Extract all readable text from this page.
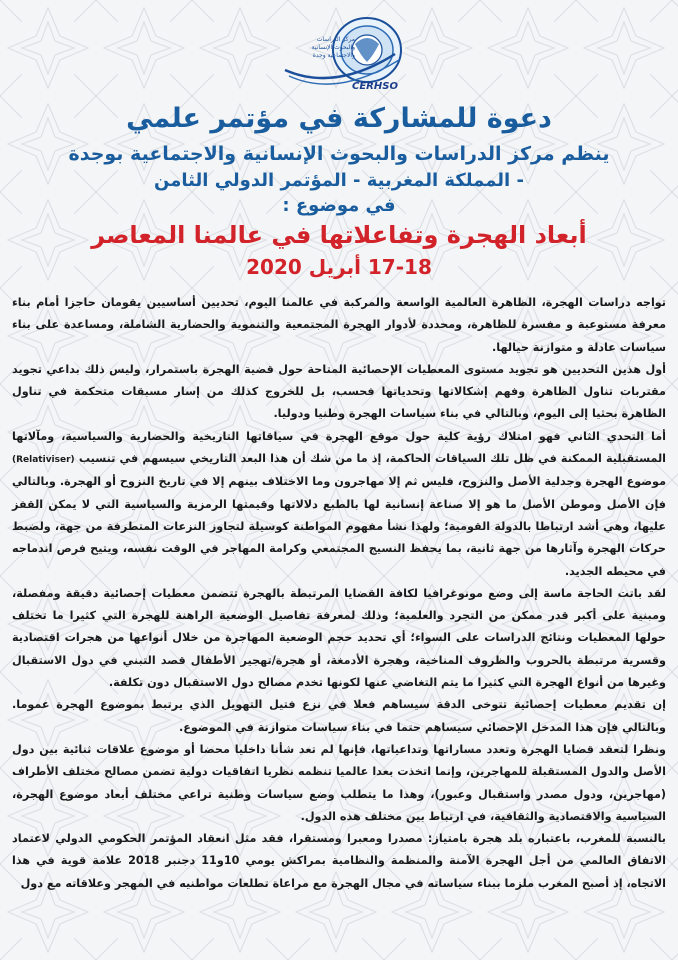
مركز الدراسات
والبحوث الإنسانية
والاجتماعية وجدة
CERHSO
دعوة للمشاركة في مؤتمر علمي
ينظم مركز الدراسات والبحوث الإنسانية والاجتماعية بوجدة
- المملكة المغربية - المؤتمر الدولي الثامن
في موضوع :
أبعاد الهجرة وتفاعلاتها في عالمنا المعاصر
17-18 أبريل 2020

تواجه دراسات الهجرة، الظاهرة العالمية الواسعة والمركبة في عالمنا اليوم، تحديين أساسيين يقومان حاجزا أمام بناء معرفة مستوعبة و مفسرة للظاهرة، ومحددة لأدوار الهجرة المجتمعية والتنموية والحضارية الشاملة، ومساعدة على بناء سياسات عادلة و متوازنة حيالها.

أول هذين التحديين هو تجويد مستوى المعطيات الإحصائية المتاحة حول قضية الهجرة باستمرار، وليس ذلك بداعي تجويد مقتربات تناول الظاهرة وفهم إشكالاتها وتحدياتها فحسب، بل للخروج كذلك من إسار مسبقات متحكمة في تناول الظاهرة بحثيا إلى اليوم، وبالتالي في بناء سياسات الهجرة وطنيا ودوليا.

أما التحدي الثاني فهو امتلاك رؤية كلية حول موقع الهجرة في سياقاتها التاريخية والحضارية والسياسية، ومآلاتها المستقبلية الممكنة في ظل تلك السياقات الحاكمة، إذ ما من شك أن هذا البعد التاريخي سيسهم في تنسيب (Relativiser) موضوع الهجرة وجدلية الأصل والنزوح، فليس ثم إلا مهاجرون وما الاختلاف بينهم إلا في تاريخ النزوح أو الهجرة. وبالتالي فإن الأصل وموطن الأصل ما هو إلا صناعة إنسانية لها بالطبع دلالاتها وقيمتها الرمزية والسياسية التي لا يمكن القفز عليها، وهي أشد ارتباطا بالدولة القومية؛ ولهذا نشأ مفهوم المواطنة كوسيلة لتجاوز النزعات المتطرفة من جهة، ولضبط حركات الهجرة وآثارها من جهة ثانية، بما يحفظ النسيج المجتمعي وكرامة المهاجر في الوقت نفسه، ويتيح فرص اندماجه في محيطه الجديد.

لقد باتت الحاجة ماسة إلى وضع مونوغرافيا لكافة القضايا المرتبطة بالهجرة تتضمن معطيات إحصائية دقيقة ومفصلة، ومبنية على أكبر قدر ممكن من التجرد والعلمية؛ وذلك لمعرفة تفاصيل الوضعية الراهنة للهجرة التي كثيرا ما تختلف حولها المعطيات ونتائج الدراسات على السواء؛ أي تحديد حجم الوضعية المهاجرة من خلال أنواعها من هجرات اقتصادية وقسرية مرتبطة بالحروب والظروف المناخية، وهجرة الأدمغة، أو هجرة/تهجير الأطفال قصد التبني في دول الاستقبال وغيرها من أنواع الهجرة التي كثيرا ما يتم التغاضي عنها لكونها تخدم مصالح دول الاستقبال دون تكلفة.

إن تقديم معطيات إحصائية تتوخى الدقة سيساهم فعلا في نزع فتيل التهويل الذي يرتبط بموضوع الهجرة عموما. وبالتالي فإن هذا المدخل الإحصائي سيساهم حتما في بناء سياسات متوازنة في الموضوع.

ونظرا لتعقد قضايا الهجرة وتعدد مساراتها وتداعياتها، فإنها لم تعد شأنا داخليا محضا أو موضوع علاقات ثنائية بين دول الأصل والدول المستقبلة للمهاجرين، وإنما اتخذت بعدا عالميا تنظمه نظريا اتفاقيات دولية تضمن مصالح مختلف الأطراف (مهاجرين، ودول مصدر واستقبال وعبور)، وهذا ما يتطلب وضع سياسات وطنية تراعي مختلف أبعاد موضوع الهجرة، السياسية والاقتصادية والثقافية، في ارتباط بين مختلف هذه الدول.

بالنسبة للمغرب، باعتباره بلد هجرة بامتياز: مصدرا ومعبرا ومستقرا، فقد مثل انعقاد المؤتمر الحكومي الدولي لاعتماد الاتفاق العالمي من أجل الهجرة الآمنة والمنظمة والنظامية بمراكش يومي 10و11 دجنبر 2018 علامة قوية في هذا الاتجاه، إذ أصبح المغرب ملزما ببناء سياساته في مجال الهجرة مع مراعاة تطلعات مواطنيه في المهجر وعلاقاته مع دول
